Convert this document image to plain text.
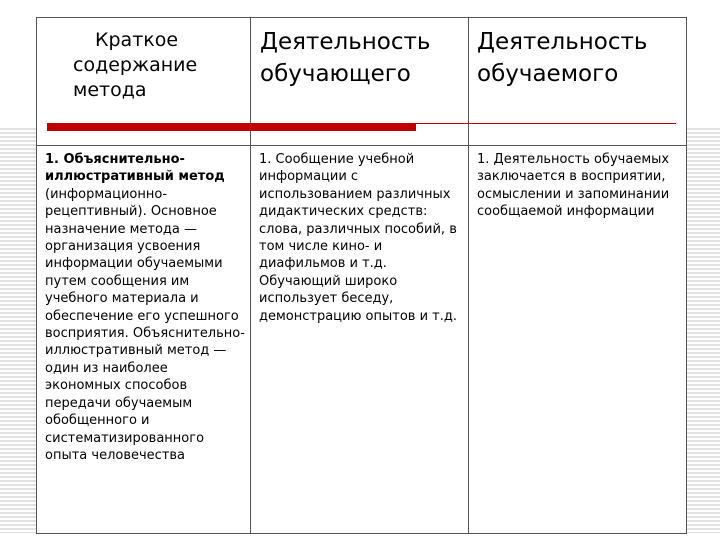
Краткое
содержание
метода
Деятельность обучающего
Деятельность обучаемого
1. Объяснительно-иллюстративный метод (информационно-рецептивный). Основное назначение метода — организация усвоения информации обучаемыми путем сообщения им учебного материала и обеспечение его успешного восприятия. Объяснительно-иллюстративный метод — один из наиболее экономных способов передачи обучаемым обобщенного и систематизированного опыта человечества
1. Сообщение учебной информации с использованием различных дидактических средств: слова, различных пособий, в том числе кино- и диафильмов и т.д. Обучающий широко использует беседу, демонстрацию опытов и т.д.
1. Деятельность обучаемых заключается в восприятии, осмыслении и запоминании сообщаемой информации
